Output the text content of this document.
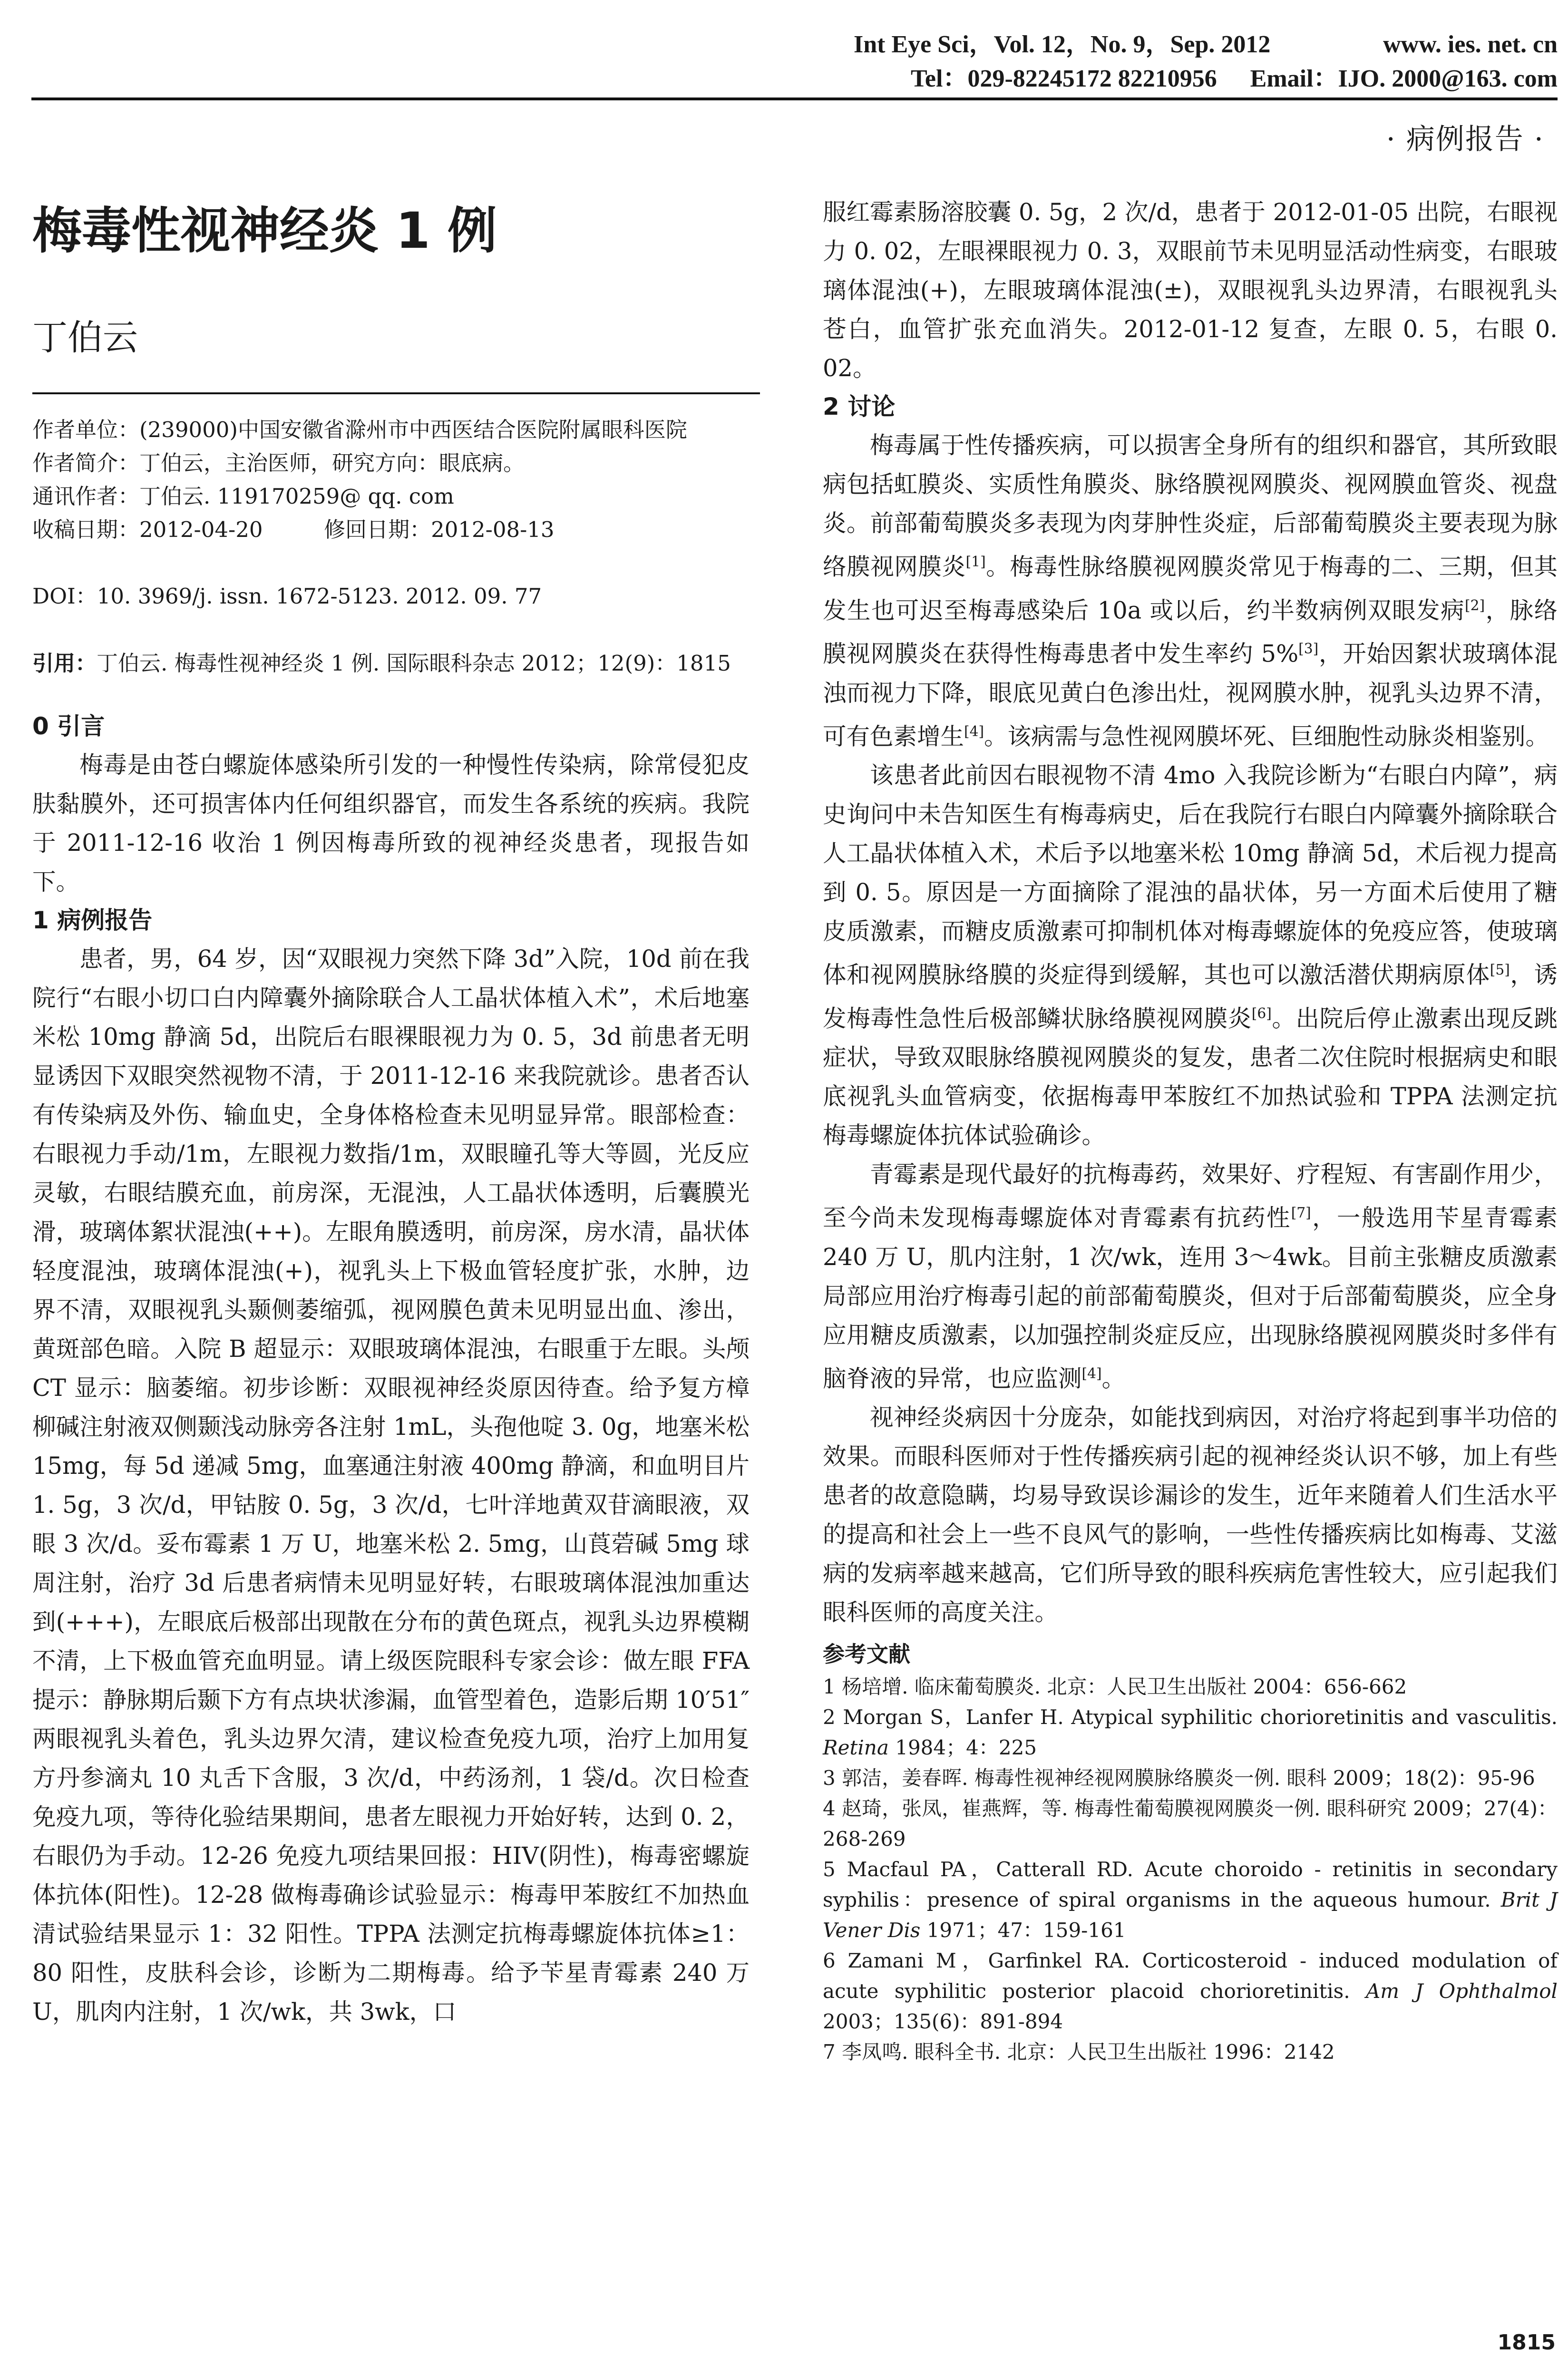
Int Eye Sci，Vol. 12，No. 9，Sep. 2012	www. ies. net. cn
Tel：029-82245172 82210956 Email：IJO. 2000@163. com
· 病例报告 ·
梅毒性视神经炎 1 例
丁伯云

作者单位：(239000)中国安徽省滁州市中西医结合医院附属眼科医院

作者简介：丁伯云，主治医师，研究方向：眼底病。

通讯作者：丁伯云. 119170259@ qq. com

收稿日期：2012-04-20	修回日期：2012-08-13

DOI：10. 3969/j. issn. 1672-5123. 2012. 09. 77

引用：丁伯云. 梅毒性视神经炎 1 例. 国际眼科杂志 2012；12(9)：1815

0 引言

梅毒是由苍白螺旋体感染所引发的一种慢性传染病，除常侵犯皮肤黏膜外，还可损害体内任何组织器官，而发生各系统的疾病。我院于 2011-12-16 收治 1 例因梅毒所致的视神经炎患者，现报告如下。

1 病例报告

患者，男，64 岁，因“双眼视力突然下降 3d”入院，10d 前在我院行“右眼小切口白内障囊外摘除联合人工晶状体植入术”，术后地塞米松 10mg 静滴 5d，出院后右眼裸眼视力为 0. 5，3d 前患者无明显诱因下双眼突然视物不清，于 2011-12-16 来我院就诊。患者否认有传染病及外伤、输血史，全身体格检查未见明显异常。眼部检查：右眼视力手动/1m，左眼视力数指/1m，双眼瞳孔等大等圆，光反应灵敏，右眼结膜充血，前房深，无混浊，人工晶状体透明，后囊膜光滑，玻璃体絮状混浊(++)。左眼角膜透明，前房深，房水清，晶状体轻度混浊，玻璃体混浊(+)，视乳头上下极血管轻度扩张，水肿，边界不清，双眼视乳头颞侧萎缩弧，视网膜色黄未见明显出血、渗出，黄斑部色暗。入院 B 超显示：双眼玻璃体混浊，右眼重于左眼。头颅 CT 显示：脑萎缩。初步诊断：双眼视神经炎原因待查。给予复方樟柳碱注射液双侧颞浅动脉旁各注射 1mL，头孢他啶 3. 0g，地塞米松 15mg，每 5d 递减 5mg，血塞通注射液 400mg 静滴，和血明目片 1. 5g，3 次/d，甲钴胺 0. 5g，3 次/d，七叶洋地黄双苷滴眼液，双眼 3 次/d。妥布霉素 1 万 U，地塞米松 2. 5mg，山莨菪碱 5mg 球周注射，治疗 3d 后患者病情未见明显好转，右眼玻璃体混浊加重达到(+++)，左眼底后极部出现散在分布的黄色斑点，视乳头边界模糊不清，上下极血管充血明显。请上级医院眼科专家会诊：做左眼 FFA 提示：静脉期后颞下方有点块状渗漏，血管型着色，造影后期 10′51″两眼视乳头着色，乳头边界欠清，建议检查免疫九项，治疗上加用复方丹参滴丸 10 丸舌下含服，3 次/d，中药汤剂，1 袋/d。次日检查免疫九项，等待化验结果期间，患者左眼视力开始好转，达到 0. 2，右眼仍为手动。12-26 免疫九项结果回报：HIV(阴性)，梅毒密螺旋体抗体(阳性)。12-28 做梅毒确诊试验显示：梅毒甲苯胺红不加热血清试验结果显示 1：32 阳性。TPPA 法测定抗梅毒螺旋体抗体≥1：80 阳性，皮肤科会诊，诊断为二期梅毒。给予苄星青霉素 240 万 U，肌肉内注射，1 次/wk，共 3wk，口

服红霉素肠溶胶囊 0. 5g，2 次/d，患者于 2012-01-05 出院，右眼视力 0. 02，左眼裸眼视力 0. 3，双眼前节未见明显活动性病变，右眼玻璃体混浊(+)，左眼玻璃体混浊(±)，双眼视乳头边界清，右眼视乳头苍白，血管扩张充血消失。2012-01-12 复查，左眼 0. 5，右眼 0. 02。

2 讨论

梅毒属于性传播疾病，可以损害全身所有的组织和器官，其所致眼病包括虹膜炎、实质性角膜炎、脉络膜视网膜炎、视网膜血管炎、视盘炎。前部葡萄膜炎多表现为肉芽肿性炎症，后部葡萄膜炎主要表现为脉络膜视网膜炎[1]。梅毒性脉络膜视网膜炎常见于梅毒的二、三期，但其发生也可迟至梅毒感染后 10a 或以后，约半数病例双眼发病[2]，脉络膜视网膜炎在获得性梅毒患者中发生率约 5%[3]，开始因絮状玻璃体混浊而视力下降，眼底见黄白色渗出灶，视网膜水肿，视乳头边界不清，可有色素增生[4]。该病需与急性视网膜坏死、巨细胞性动脉炎相鉴别。

该患者此前因右眼视物不清 4mo 入我院诊断为“右眼白内障”，病史询问中未告知医生有梅毒病史，后在我院行右眼白内障囊外摘除联合人工晶状体植入术，术后予以地塞米松 10mg 静滴 5d，术后视力提高到 0. 5。原因是一方面摘除了混浊的晶状体，另一方面术后使用了糖皮质激素，而糖皮质激素可抑制机体对梅毒螺旋体的免疫应答，使玻璃体和视网膜脉络膜的炎症得到缓解，其也可以激活潜伏期病原体[5]，诱发梅毒性急性后极部鳞状脉络膜视网膜炎[6]。出院后停止激素出现反跳症状，导致双眼脉络膜视网膜炎的复发，患者二次住院时根据病史和眼底视乳头血管病变，依据梅毒甲苯胺红不加热试验和 TPPA 法测定抗梅毒螺旋体抗体试验确诊。

青霉素是现代最好的抗梅毒药，效果好、疗程短、有害副作用少，至今尚未发现梅毒螺旋体对青霉素有抗药性[7]，一般选用苄星青霉素 240 万 U，肌内注射，1 次/wk，连用 3～4wk。目前主张糖皮质激素局部应用治疗梅毒引起的前部葡萄膜炎，但对于后部葡萄膜炎，应全身应用糖皮质激素，以加强控制炎症反应，出现脉络膜视网膜炎时多伴有脑脊液的异常，也应监测[4]。

视神经炎病因十分庞杂，如能找到病因，对治疗将起到事半功倍的效果。而眼科医师对于性传播疾病引起的视神经炎认识不够，加上有些患者的故意隐瞒，均易导致误诊漏诊的发生，近年来随着人们生活水平的提高和社会上一些不良风气的影响，一些性传播疾病比如梅毒、艾滋病的发病率越来越高，它们所导致的眼科疾病危害性较大，应引起我们眼科医师的高度关注。

参考文献

1 杨培增. 临床葡萄膜炎. 北京：人民卫生出版社 2004：656-662

2 Morgan S，Lanfer H. Atypical syphilitic chorioretinitis and vasculitis. Retina 1984；4：225

3 郭洁，姜春晖. 梅毒性视神经视网膜脉络膜炎一例. 眼科 2009；18(2)：95-96

4 赵琦，张凤，崔燕辉，等. 梅毒性葡萄膜视网膜炎一例. 眼科研究 2009；27(4)：268-269

5 Macfaul PA，Catterall RD. Acute choroido - retinitis in secondary syphilis：presence of spiral organisms in the aqueous humour. Brit J Vener Dis 1971；47：159-161

6 Zamani M，Garfinkel RA. Corticosteroid - induced modulation of acute syphilitic posterior placoid chorioretinitis. Am J Ophthalmol 2003；135(6)：891-894

7 李凤鸣. 眼科全书. 北京：人民卫生出版社 1996：2142

1815
